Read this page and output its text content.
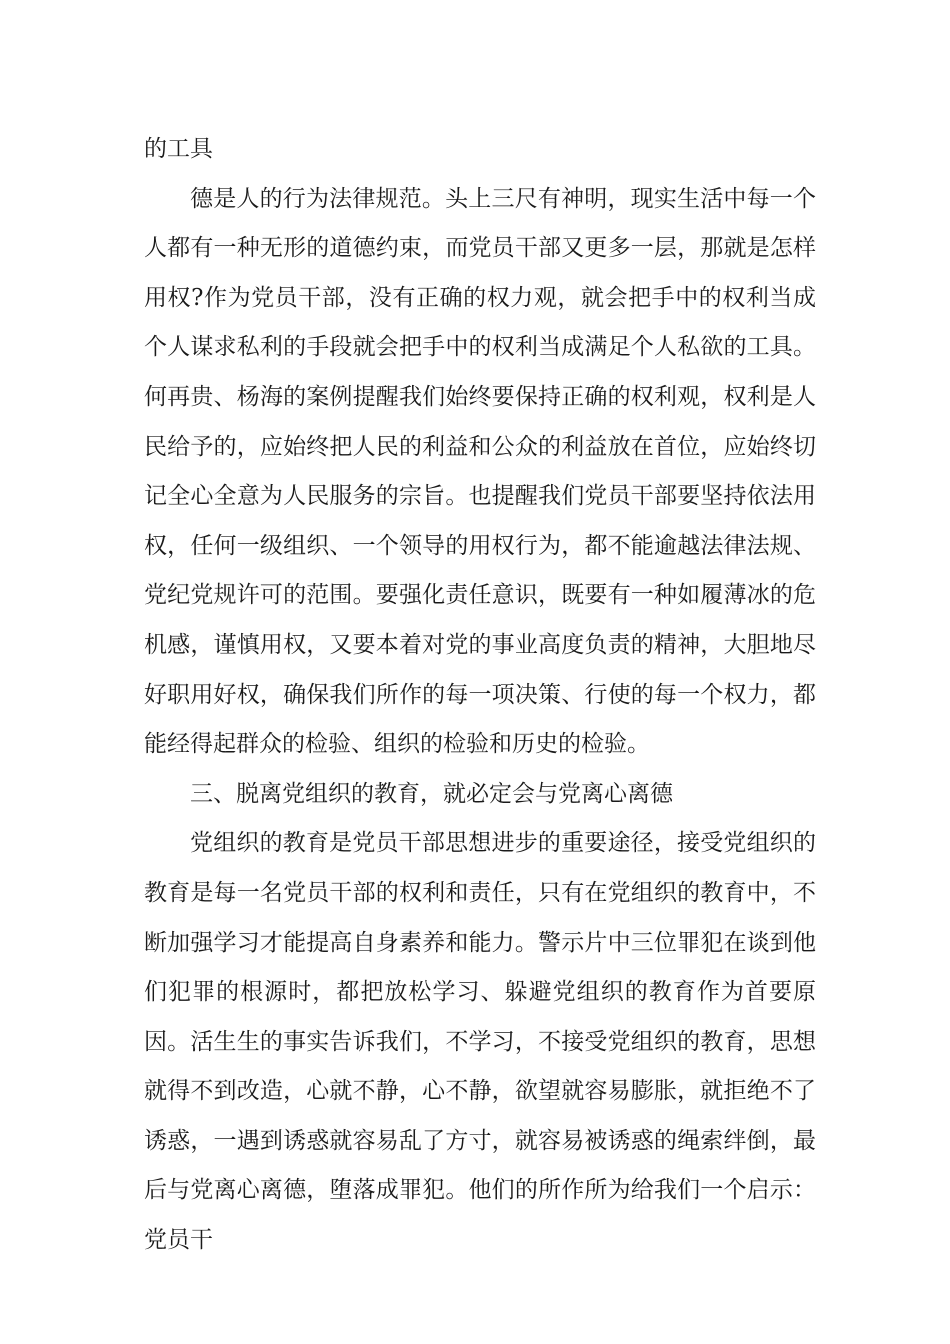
的工具

德是人的行为法律规范。头上三尺有神明，现实生活中每一个人都有一种无形的道德约束，而党员干部又更多一层，那就是怎样用权?作为党员干部，没有正确的权力观，就会把手中的权利当成个人谋求私利的手段就会把手中的权利当成满足个人私欲的工具。何再贵、杨海的案例提醒我们始终要保持正确的权利观，权利是人民给予的，应始终把人民的利益和公众的利益放在首位，应始终切记全心全意为人民服务的宗旨。也提醒我们党员干部要坚持依法用权，任何一级组织、一个领导的用权行为，都不能逾越法律法规、党纪党规许可的范围。要强化责任意识，既要有一种如履薄冰的危机感，谨慎用权，又要本着对党的事业高度负责的精神，大胆地尽好职用好权，确保我们所作的每一项决策、行使的每一个权力，都能经得起群众的检验、组织的检验和历史的检验。

三、脱离党组织的教育，就必定会与党离心离德

党组织的教育是党员干部思想进步的重要途径，接受党组织的教育是每一名党员干部的权利和责任，只有在党组织的教育中，不断加强学习才能提高自身素养和能力。警示片中三位罪犯在谈到他们犯罪的根源时，都把放松学习、躲避党组织的教育作为首要原因。活生生的事实告诉我们，不学习，不接受党组织的教育，思想就得不到改造，心就不静，心不静，欲望就容易膨胀，就拒绝不了诱惑，一遇到诱惑就容易乱了方寸，就容易被诱惑的绳索绊倒，最后与党离心离德，堕落成罪犯。他们的所作所为给我们一个启示：党员干
